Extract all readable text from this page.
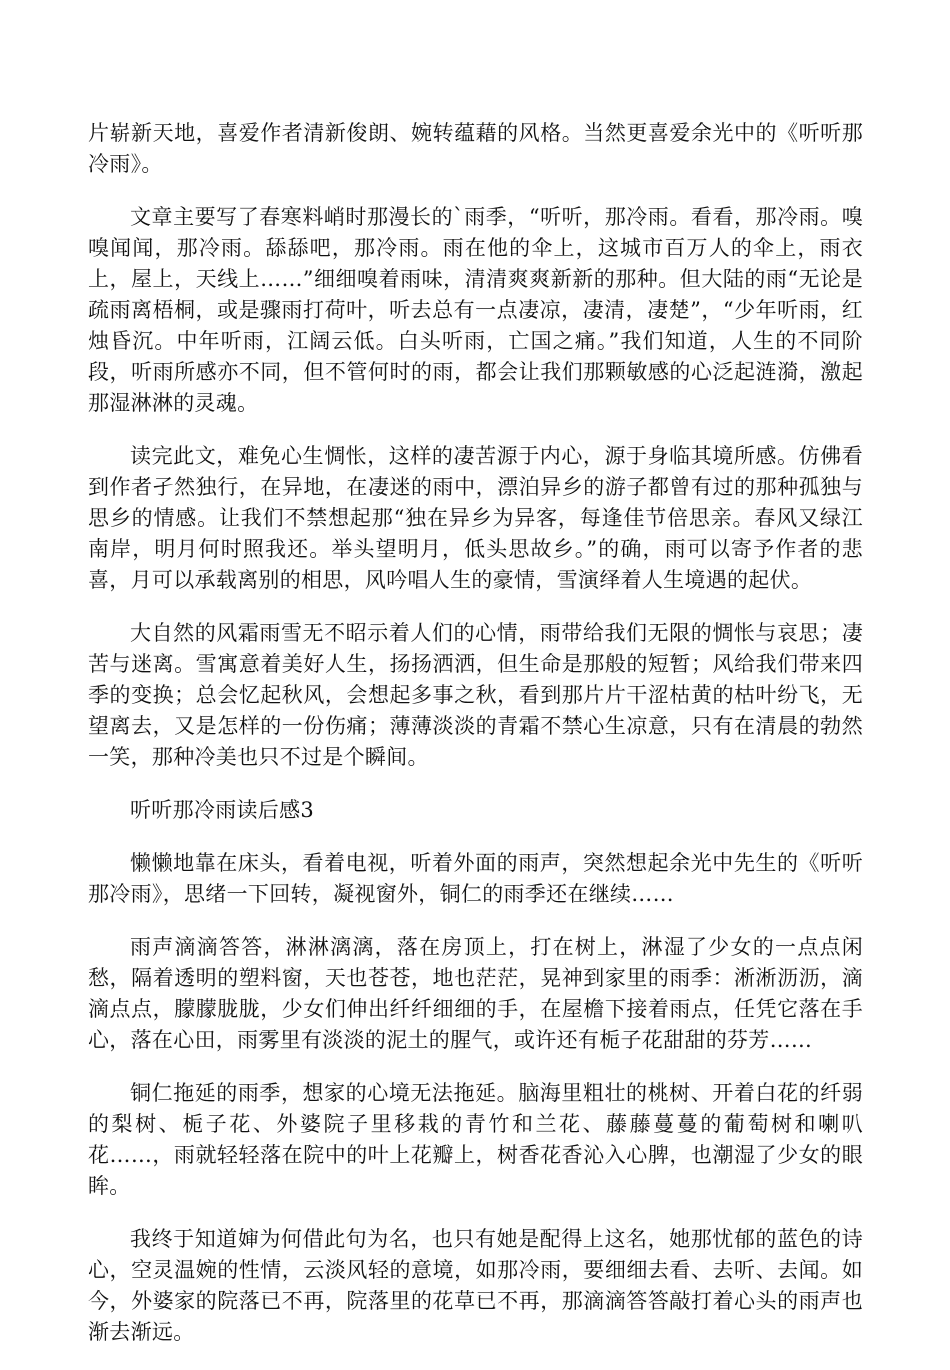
片崭新天地，喜爱作者清新俊朗、婉转蕴藉的风格。当然更喜爱余光中的《听听那冷雨》。

文章主要写了春寒料峭时那漫长的`雨季，“听听，那冷雨。看看，那冷雨。嗅嗅闻闻，那冷雨。舔舔吧，那冷雨。雨在他的伞上，这城市百万人的伞上，雨衣上，屋上，天线上……”细细嗅着雨味，清清爽爽新新的那种。但大陆的雨“无论是疏雨离梧桐，或是骤雨打荷叶，听去总有一点凄凉，凄清，凄楚”，“少年听雨，红烛昏沉。中年听雨，江阔云低。白头听雨，亡国之痛。”我们知道，人生的不同阶段，听雨所感亦不同，但不管何时的雨，都会让我们那颗敏感的心泛起涟漪，激起那湿淋淋的灵魂。

读完此文，难免心生惆怅，这样的凄苦源于内心，源于身临其境所感。仿佛看到作者孑然独行，在异地，在凄迷的雨中，漂泊异乡的游子都曾有过的那种孤独与思乡的情感。让我们不禁想起那“独在异乡为异客，每逢佳节倍思亲。春风又绿江南岸，明月何时照我还。举头望明月，低头思故乡。”的确，雨可以寄予作者的悲喜，月可以承载离别的相思，风吟唱人生的豪情，雪演绎着人生境遇的起伏。

大自然的风霜雨雪无不昭示着人们的心情，雨带给我们无限的惆怅与哀思；凄苦与迷离。雪寓意着美好人生，扬扬洒洒，但生命是那般的短暂；风给我们带来四季的变换；总会忆起秋风，会想起多事之秋，看到那片片干涩枯黄的枯叶纷飞，无望离去，又是怎样的一份伤痛；薄薄淡淡的青霜不禁心生凉意，只有在清晨的勃然一笑，那种冷美也只不过是个瞬间。

听听那冷雨读后感3

懒懒地靠在床头，看着电视，听着外面的雨声，突然想起余光中先生的《听听那冷雨》，思绪一下回转，凝视窗外，铜仁的雨季还在继续……

雨声滴滴答答，淋淋漓漓，落在房顶上，打在树上，淋湿了少女的一点点闲愁，隔着透明的塑料窗，天也苍苍，地也茫茫，晃神到家里的雨季：淅淅沥沥，滴滴点点，朦朦胧胧，少女们伸出纤纤细细的手，在屋檐下接着雨点，任凭它落在手心，落在心田，雨雾里有淡淡的泥土的腥气，或许还有栀子花甜甜的芬芳……

铜仁拖延的雨季，想家的心境无法拖延。脑海里粗壮的桃树、开着白花的纤弱的梨树、栀子花、外婆院子里移栽的青竹和兰花、藤藤蔓蔓的葡萄树和喇叭花……，雨就轻轻落在院中的叶上花瓣上，树香花香沁入心脾，也潮湿了少女的眼眸。

我终于知道婶为何借此句为名，也只有她是配得上这名，她那忧郁的蓝色的诗心，空灵温婉的性情，云淡风轻的意境，如那冷雨，要细细去看、去听、去闻。如今，外婆家的院落已不再，院落里的花草已不再，那滴滴答答敲打着心头的雨声也渐去渐远。
